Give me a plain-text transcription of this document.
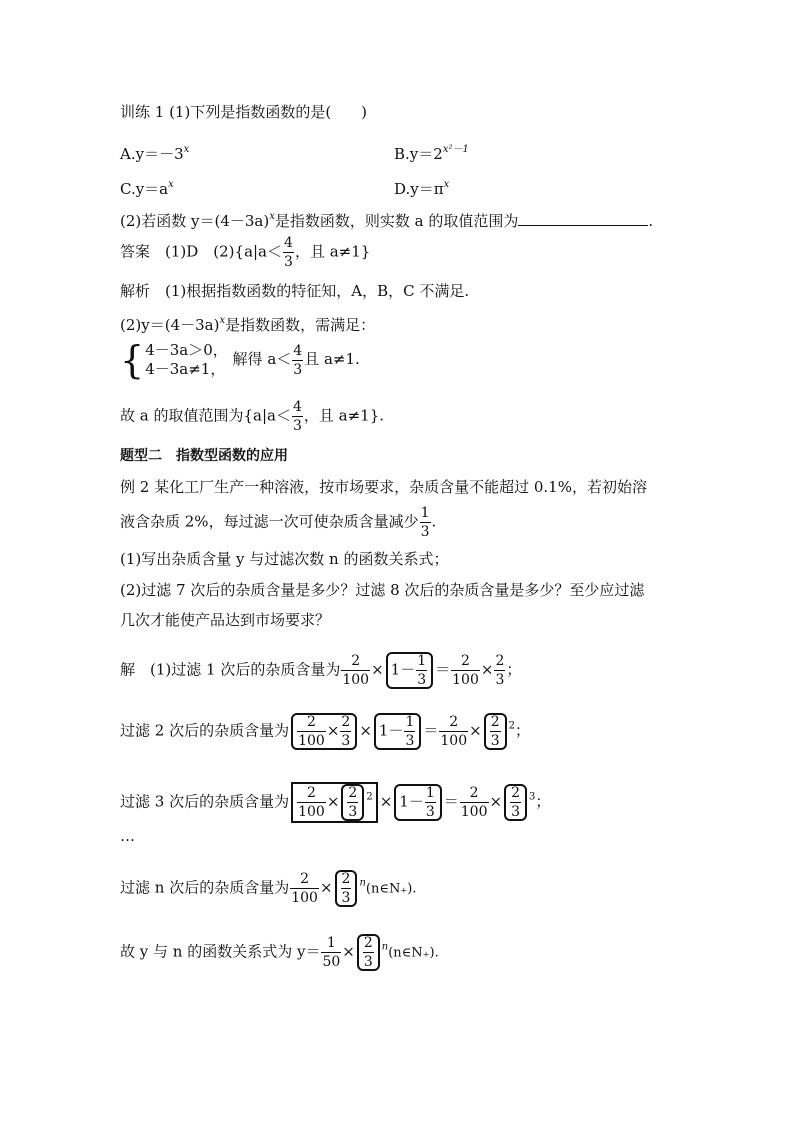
训练 1 (1)下列是指数函数的是(　　)
$A.y=-3^x$	$B.y=2^{x^2-1}$
$C.y=a^x$	$D.y=\pi^x$
(2)若函数 $y=(4-3a)^x$是指数函数，则实数 a 的取值范围为	.
答案　(1)D　$(2)\{a|a< \frac{4}{3}$ ，且 a≠1}
解析　(1)根据指数函数的特征知，A，B，C 不满足.
$(2)y=(4-3a)^x$是指数函数，需满足：
{ 4－3a＞0，
4－3a≠1，
解得 $a< \frac{4}{3}$ 且 a≠1.
故 a 的取值范围为{$a|a< \frac{4}{3}$ ，且 a≠1}.
题型二　指数型函数的应用
例 2 某化工厂生产一种溶液，按市场要求，杂质含量不能超过 0.1%，若初始溶
液含杂质 2%，每过滤一次可使杂质含量减少 $\frac{1}{3}$ .
(1)写出杂质含量 y 与过滤次数 n 的函数关系式；
(2)过滤 7 次后的杂质含量是多少？过滤 8 次后的杂质含量是多少？至少应过滤
几次才能使产品达到市场要求？
解　(1)过滤 1 次后的杂质含量为 $\frac{2}{100} \times 1- \frac{1}{3} = \frac{2}{100} \times \frac{2}{3}$ ；
过滤 2 次后的杂质含量为 $\frac{2}{100} \times \frac{2}{3} \times 1- \frac{1}{3} = \frac{2}{100} \times \frac{2}{3} ^2$；
过滤 3 次后的杂质含量为 $\frac{2}{100} \times \frac{2}{3} ^2 \times 1- \frac{1}{3} = \frac{2}{100} \times \frac{2}{3} ^3$；
…
过滤 n 次后的杂质含量为 $\frac{2}{100} \times \frac{2}{3}$ $^n$(n∈N₊).
故 y 与 n 的函数关系式为 $y= \frac{1}{50} \times \frac{2}{3}$ $^n$(n∈N₊).
